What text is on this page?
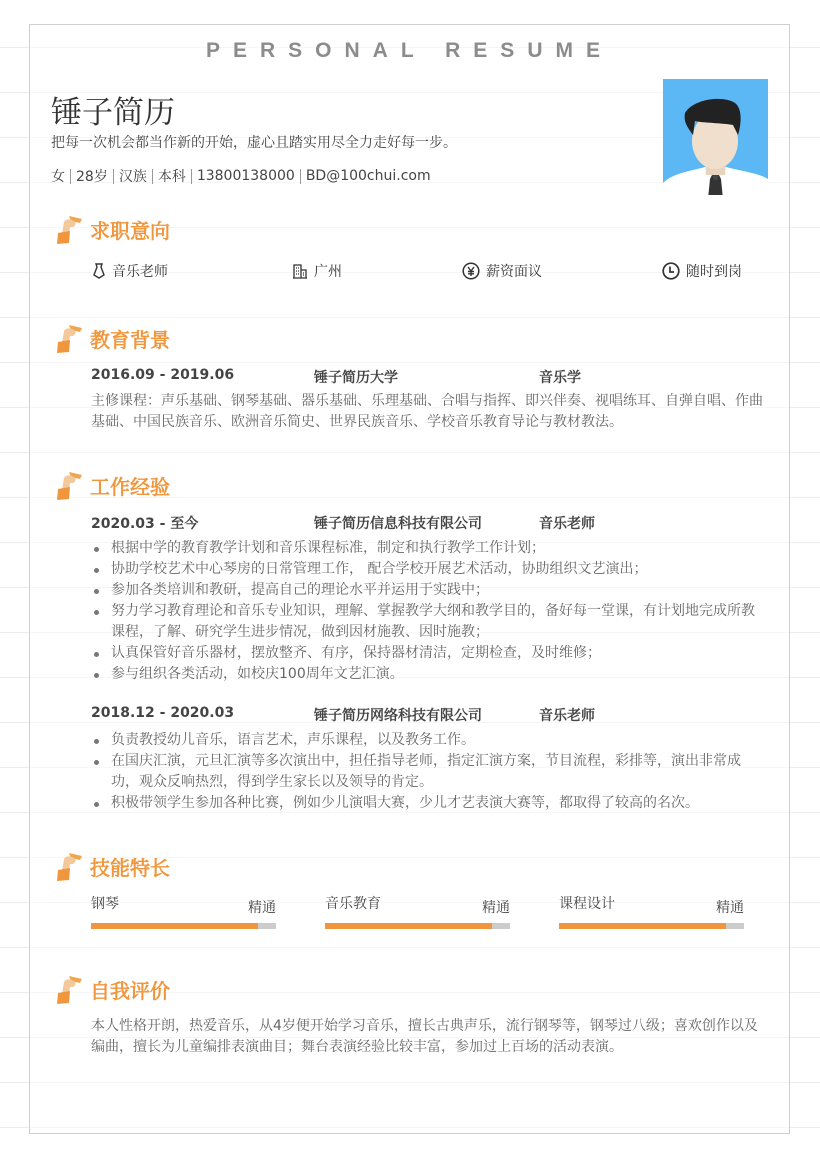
PERSONAL RESUME
锤子简历
把每一次机会都当作新的开始，虚心且踏实用尽全力走好每一步。
女 28岁 汉族 本科 13800138000 BD@100chui.com
求职意向
音乐老师	广州	薪资面议	随时到岗
教育背景
2016.09 - 2019.06	锤子简历大学	音乐学
主修课程：声乐基础、钢琴基础、器乐基础、乐理基础、合唱与指挥、即兴伴奏、视唱练耳、自弹自唱、作曲基础、中国民族音乐、欧洲音乐简史、世界民族音乐、学校音乐教育导论与教材教法。
工作经验
2020.03 - 至今	锤子简历信息科技有限公司	音乐老师
根据中学的教育教学计划和音乐课程标准，制定和执行教学工作计划；
协助学校艺术中心琴房的日常管理工作， 配合学校开展艺术活动，协助组织文艺演出；
参加各类培训和教研，提高自己的理论水平并运用于实践中；
努力学习教育理论和音乐专业知识，理解、掌握教学大纲和教学目的，备好每一堂课，有计划地完成所教课程，了解、研究学生进步情况，做到因材施教、因时施教；
认真保管好音乐器材，摆放整齐、有序，保持器材清洁，定期检查，及时维修；
参与组织各类活动，如校庆100周年文艺汇演。
2018.12 - 2020.03	锤子简历网络科技有限公司	音乐老师
负责教授幼儿音乐，语言艺术，声乐课程，以及教务工作。
在国庆汇演，元旦汇演等多次演出中，担任指导老师，指定汇演方案，节目流程，彩排等，演出非常成功，观众反响热烈，得到学生家长以及领导的肯定。
积极带领学生参加各种比赛，例如少儿演唱大赛，少儿才艺表演大赛等，都取得了较高的名次。
技能特长
钢琴	精通	音乐教育	精通	课程设计	精通
自我评价
本人性格开朗，热爱音乐，从4岁便开始学习音乐，擅长古典声乐，流行钢琴等，钢琴过八级；喜欢创作以及编曲，擅长为儿童编排表演曲目；舞台表演经验比较丰富，参加过上百场的活动表演。
